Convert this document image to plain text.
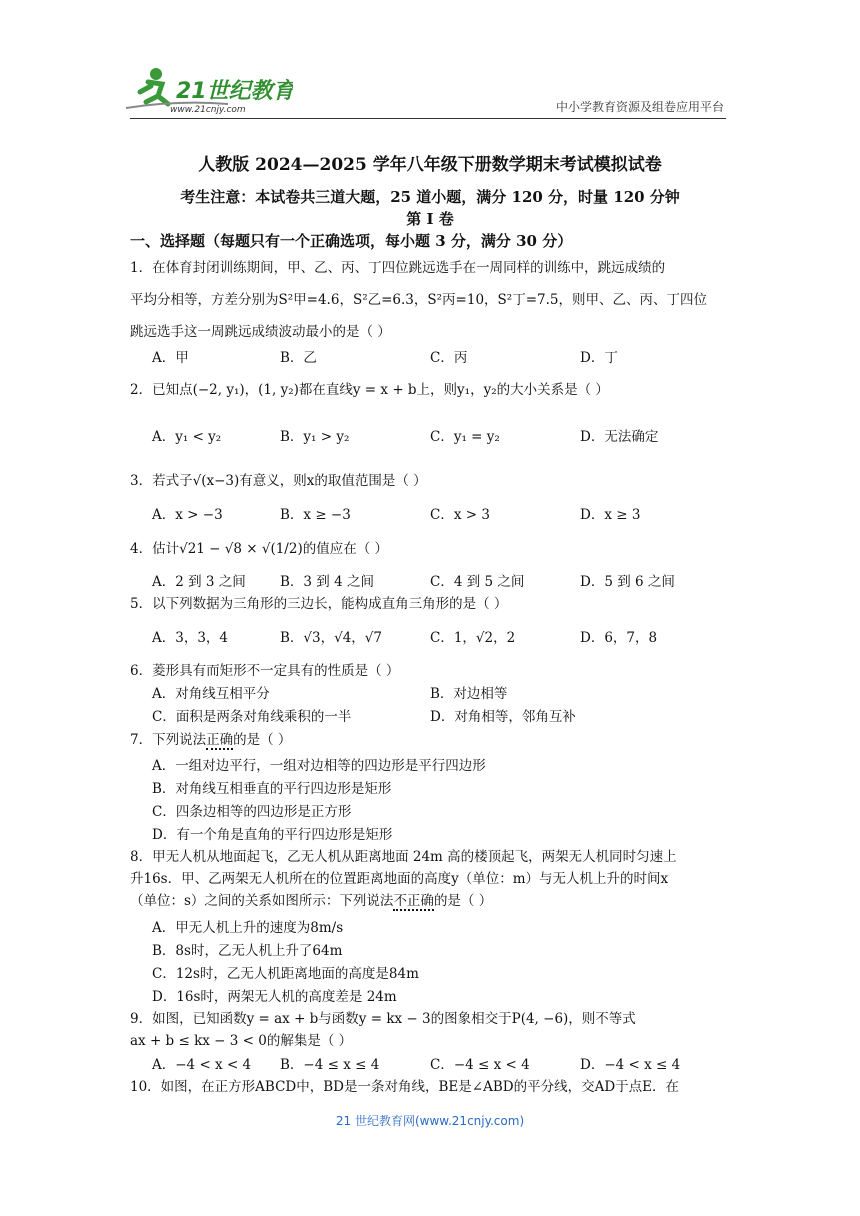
21世纪教育
www.21cnjy.com	中小学教育资源及组卷应用平台
人教版 2024—2025 学年八年级下册数学期末考试模拟试卷
考生注意：本试卷共三道大题，25 道小题，满分 120 分，时量 120 分钟
第 I 卷
一、选择题（每题只有一个正确选项，每小题 3 分，满分 30 分）
1．在体育封闭训练期间，甲、乙、丙、丁四位跳远选手在一周同样的训练中，跳远成绩的
平均分相等，方差分别为S²甲=4.6，S²乙=6.3，S²丙=10，S²丁=7.5，则甲、乙、丙、丁四位
跳远选手这一周跳远成绩波动最小的是（ ）
A．甲	B．乙	C．丙	D．丁
2．已知点(−2, y₁)，(1, y₂)都在直线y = x + b上，则y₁，y₂的大小关系是（ ）
A．y₁ < y₂	B．y₁ > y₂	C．y₁ = y₂	D．无法确定
3．若式子√(x−3)有意义，则x的取值范围是（ ）
A．x > −3	B．x ≥ −3	C．x > 3	D．x ≥ 3
4．估计√21 − √8 × √(1/2)的值应在（ ）
A．2 到 3 之间	B．3 到 4 之间	C．4 到 5 之间	D．5 到 6 之间
5．以下列数据为三角形的三边长，能构成直角三角形的是（ ）
A．3，3，4	B．√3，√4，√7	C．1，√2，2	D．6，7，8
6．菱形具有而矩形不一定具有的性质是（ ）
A．对角线互相平分	B．对边相等
C．面积是两条对角线乘积的一半	D．对角相等，邻角互补
7．下列说法正确的是（ ）
A．一组对边平行，一组对边相等的四边形是平行四边形
B．对角线互相垂直的平行四边形是矩形
C．四条边相等的四边形是正方形
D．有一个角是直角的平行四边形是矩形
8．甲无人机从地面起飞，乙无人机从距离地面 24m 高的楼顶起飞，两架无人机同时匀速上
升16s．甲、乙两架无人机所在的位置距离地面的高度y（单位：m）与无人机上升的时间x
（单位：s）之间的关系如图所示：下列说法不正确的是（ ）
A．甲无人机上升的速度为8m/s
B．8s时，乙无人机上升了64m
C．12s时，乙无人机距离地面的高度是84m
D．16s时，两架无人机的高度差是 24m
9．如图，已知函数y = ax + b与函数y = kx − 3的图象相交于P(4, −6)，则不等式
ax + b ≤ kx − 3 < 0的解集是（ ）
A．−4 < x < 4 B．−4 ≤ x ≤ 4	C．−4 ≤ x < 4	D．−4 < x ≤ 4
10．如图，在正方形ABCD中，BD是一条对角线，BE是∠ABD的平分线，交AD于点E．在
21 世纪教育网(www.21cnjy.com)
